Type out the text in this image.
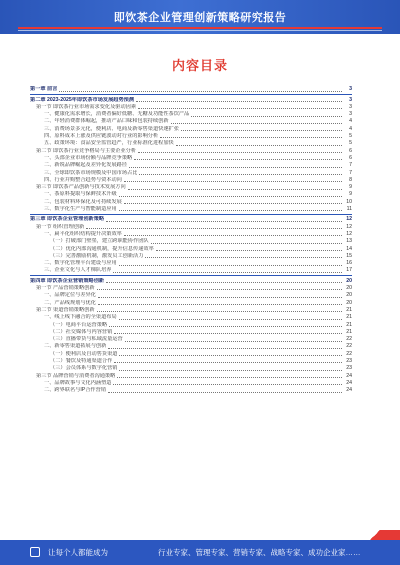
即饮茶企业管理创新策略研究报告
内容目录
第一章 前言	3
第二章 2023-2025年即饮茶市场发展趋势预测	3
第一节 即饮茶行业市场需求变化及驱动因素	3
一、健康化需求增长，消费者偏好低糖、无糖及功能性茶饮产品	3
二、年轻消费群体崛起，推动产品口味和包装持续创新	4
三、消费场景多元化，便利店、电商及新零售渠道快速扩张	4
四、原料成本上涨及供应链波动对行业的影响分析	5
五、政策环境：食品安全监管趋严，行业标准化进程加快	5
第二节 即饮茶行业竞争格局与主要企业分析	6
一、头部企业市场份额与品牌竞争策略	6
二、新锐品牌崛起及差异化发展路径	7
三、全球即饮茶市场规模及中国市场占比	7
四、行业并购整合趋势与资本动向	8
第三节 即饮茶产品创新与技术发展方向	9
一、茶原料提取与保鲜技术升级	9
二、包装材料环保化及可持续发展	10
三、数字化生产与智能制造应用	11
第三章 即饮茶企业管理创新策略	12
第一节 组织管理创新	12
一、扁平化组织结构提升决策效率	12
（一）打破部门壁垒，建立跨职能协作团队	13
（二）优化内部沟通机制，提升信息传递效率	14
（三）完善激励机制，激发员工创新活力	15
二、数字化管理平台建设与应用	16
三、企业文化与人才梯队培养	17
第四章 即饮茶企业营销策略创新	20
第一节 产品营销策略创新	20
一、品牌定位与差异化	20
二、产品线规划与优化	20
第二节 渠道营销策略创新	21
一、线上线下融合的全渠道布局	21
（一）电商平台运营策略	21
（二）社交媒体与内容营销	21
（三）直播带货与私域流量运营	22
二、新零售渠道拓展与创新	22
（一）便利店及自动售货渠道	22
（二）餐饮及特通渠道合作	23
（三）会员体系与数字化营销	23
第三节 品牌营销与消费者沟通策略	24
一、品牌故事与文化内涵塑造	24
二、跨界联名与IP合作营销	24
让每个人都能成为	行业专家、管理专家、营销专家、战略专家、成功企业家……
